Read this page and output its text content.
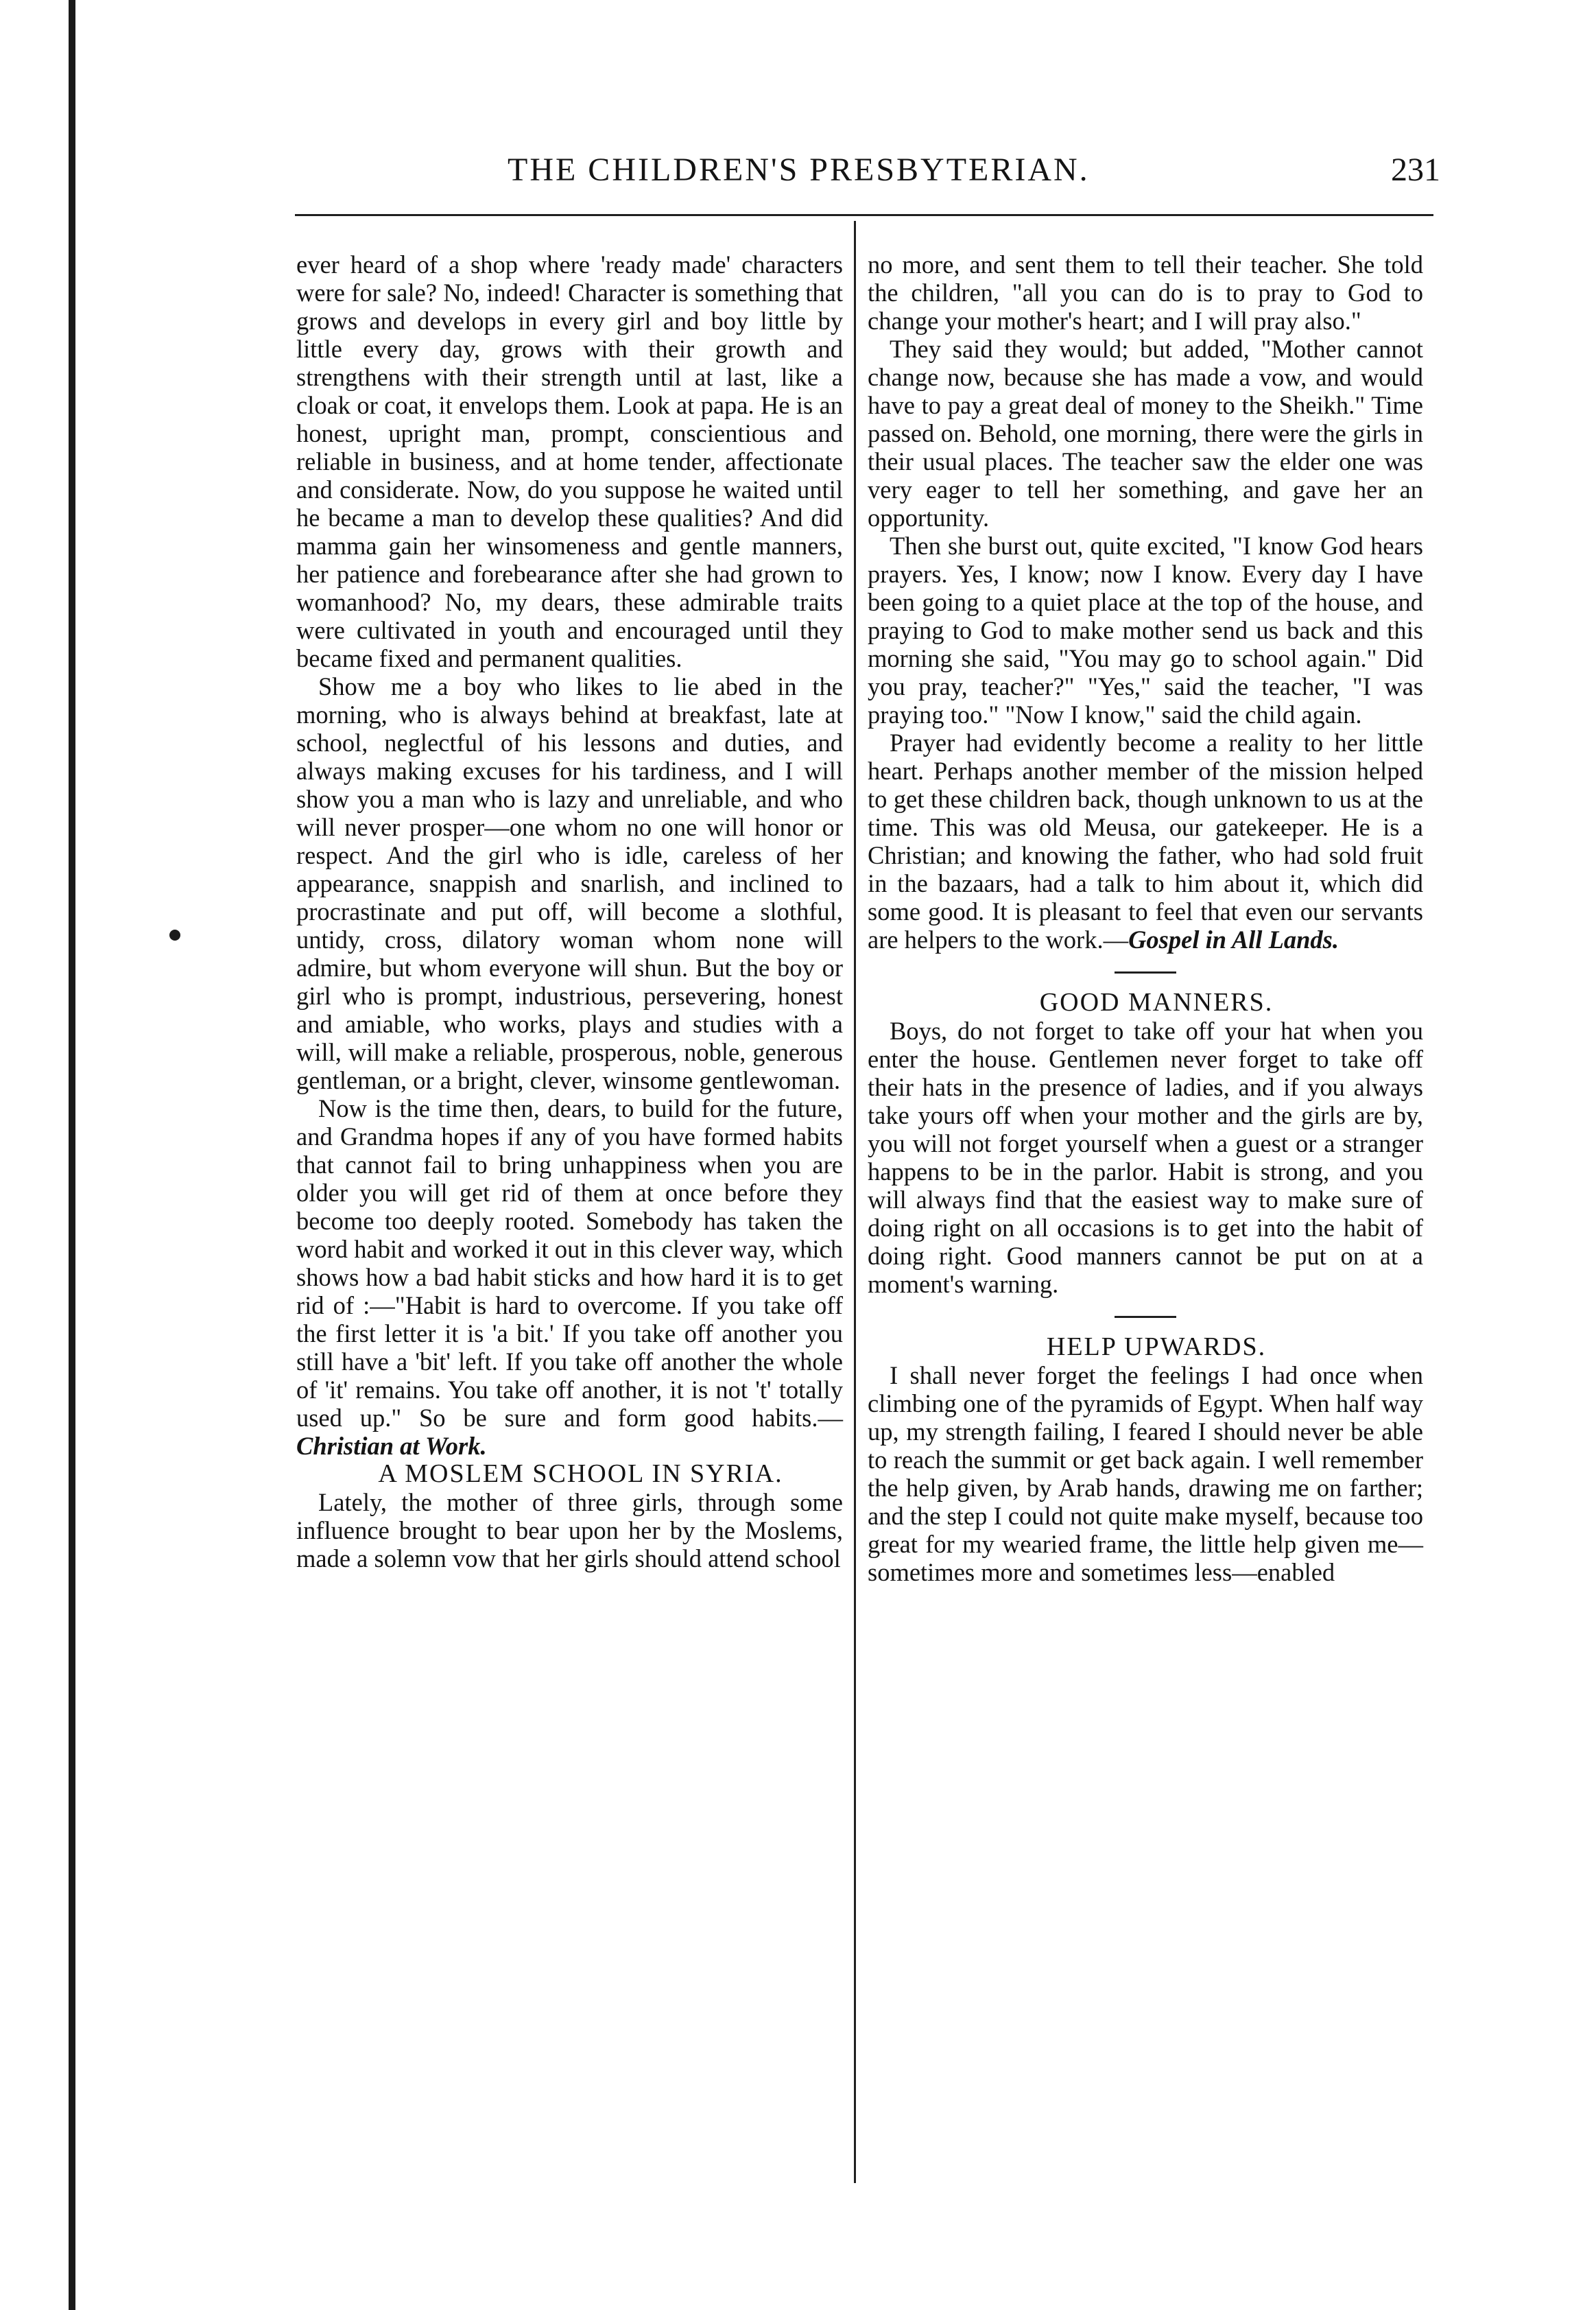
THE CHILDREN'S PRESBYTERIAN.	231

ever heard of a shop where 'ready made' characters were for sale? No, indeed! Character is something that grows and develops in every girl and boy little by little every day, grows with their growth and strengthens with their strength until at last, like a cloak or coat, it envelops them. Look at papa. He is an honest, upright man, prompt, conscientious and reliable in business, and at home tender, affectionate and considerate. Now, do you suppose he waited until he became a man to develop these qualities? And did mamma gain her winsomeness and gentle manners, her patience and forebearance after she had grown to womanhood? No, my dears, these admirable traits were cultivated in youth and encouraged until they became fixed and permanent qualities.

Show me a boy who likes to lie abed in the morning, who is always behind at breakfast, late at school, neglectful of his lessons and duties, and always making excuses for his tardiness, and I will show you a man who is lazy and unreliable, and who will never prosper—one whom no one will honor or respect. And the girl who is idle, careless of her appearance, snappish and snarlish, and inclined to procrastinate and put off, will become a slothful, untidy, cross, dilatory woman whom none will admire, but whom everyone will shun. But the boy or girl who is prompt, industrious, persevering, honest and amiable, who works, plays and studies with a will, will make a reliable, prosperous, noble, generous gentleman, or a bright, clever, winsome gentlewoman.

Now is the time then, dears, to build for the future, and Grandma hopes if any of you have formed habits that cannot fail to bring unhappiness when you are older you will get rid of them at once before they become too deeply rooted. Somebody has taken the word habit and worked it out in this clever way, which shows how a bad habit sticks and how hard it is to get rid of :—"Habit is hard to overcome. If you take off the first letter it is 'a bit.' If you take off another you still have a 'bit' left. If you take off another the whole of 'it' remains. You take off another, it is not 't' totally used up." So be sure and form good habits.—Christian at Work.

A MOSLEM SCHOOL IN SYRIA.

Lately, the mother of three girls, through some influence brought to bear upon her by the Moslems, made a solemn vow that her girls should attend school

no more, and sent them to tell their teacher. She told the children, "all you can do is to pray to God to change your mother's heart; and I will pray also."

They said they would; but added, "Mother cannot change now, because she has made a vow, and would have to pay a great deal of money to the Sheikh." Time passed on. Behold, one morning, there were the girls in their usual places. The teacher saw the elder one was very eager to tell her something, and gave her an opportunity.

Then she burst out, quite excited, "I know God hears prayers. Yes, I know; now I know. Every day I have been going to a quiet place at the top of the house, and praying to God to make mother send us back and this morning she said, "You may go to school again." Did you pray, teacher?" "Yes," said the teacher, "I was praying too." "Now I know," said the child again.

Prayer had evidently become a reality to her little heart. Perhaps another member of the mission helped to get these children back, though unknown to us at the time. This was old Meusa, our gatekeeper. He is a Christian; and knowing the father, who had sold fruit in the bazaars, had a talk to him about it, which did some good. It is pleasant to feel that even our servants are helpers to the work.—Gospel in All Lands.

GOOD MANNERS.

Boys, do not forget to take off your hat when you enter the house. Gentlemen never forget to take off their hats in the presence of ladies, and if you always take yours off when your mother and the girls are by, you will not forget yourself when a guest or a stranger happens to be in the parlor. Habit is strong, and you will always find that the easiest way to make sure of doing right on all occasions is to get into the habit of doing right. Good manners cannot be put on at a moment's warning.

HELP UPWARDS.

I shall never forget the feelings I had once when climbing one of the pyramids of Egypt. When half way up, my strength failing, I feared I should never be able to reach the summit or get back again. I well remember the help given, by Arab hands, drawing me on farther; and the step I could not quite make myself, because too great for my wearied frame, the little help given me—sometimes more and sometimes less—enabled
